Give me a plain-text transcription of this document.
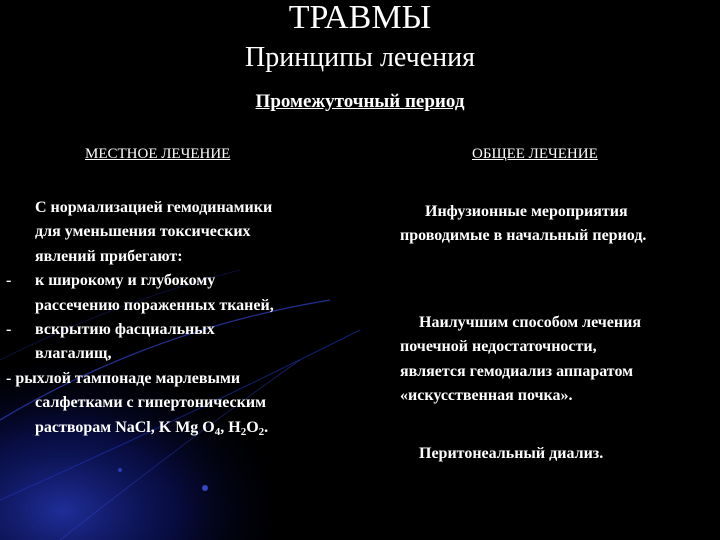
ТРАВМЫ
Принципы лечения
Промежуточный период
МЕСТНОЕ ЛЕЧЕНИЕ	ОБЩЕЕ ЛЕЧЕНИЕ
С нормализацией гемодинамики
для уменьшения токсических
явлений прибегают:
- к широкому и глубокому
рассечению пораженных тканей,
- вскрытию фасциальных
влагалищ,
- рыхлой тампонаде марлевыми
салфетками с гипертоническим
растворам NaCl, K Mg $O_4$, $H_2O_2$.
Инфузионные мероприятия
проводимые в начальный период.
Наилучшим способом лечения
почечной недостаточности,
является гемодиализ аппаратом
«искусственная почка».
Перитонеальный диализ.
